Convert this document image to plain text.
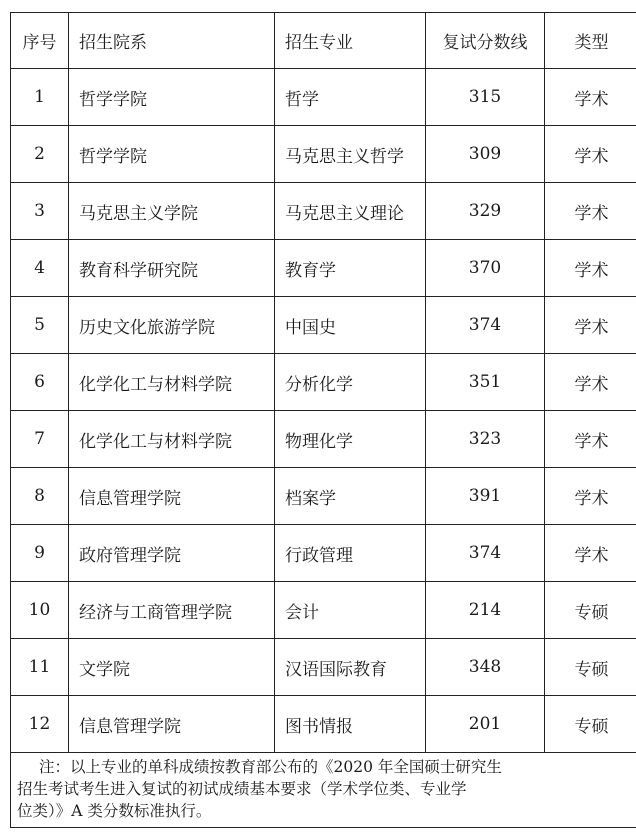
序号	招生院系	招生专业	复试分数线	类型
1	哲学学院	哲学	315	学术
2	哲学学院	马克思主义哲学	309	学术
3	马克思主义学院	马克思主义理论	329	学术
4	教育科学研究院	教育学	370	学术
5	历史文化旅游学院	中国史	374	学术
6	化学化工与材料学院	分析化学	351	学术
7	化学化工与材料学院	物理化学	323	学术
8	信息管理学院	档案学	391	学术
9	政府管理学院	行政管理	374	学术
10	经济与工商管理学院	会计	214	专硕
11	文学院	汉语国际教育	348	专硕
12	信息管理学院	图书情报	201	专硕

注：以上专业的单科成绩按教育部公布的《2020 年全国硕士研究生
招生考试考生进入复试的初试成绩基本要求（学术学位类、专业学
位类）》A 类分数标准执行。				
